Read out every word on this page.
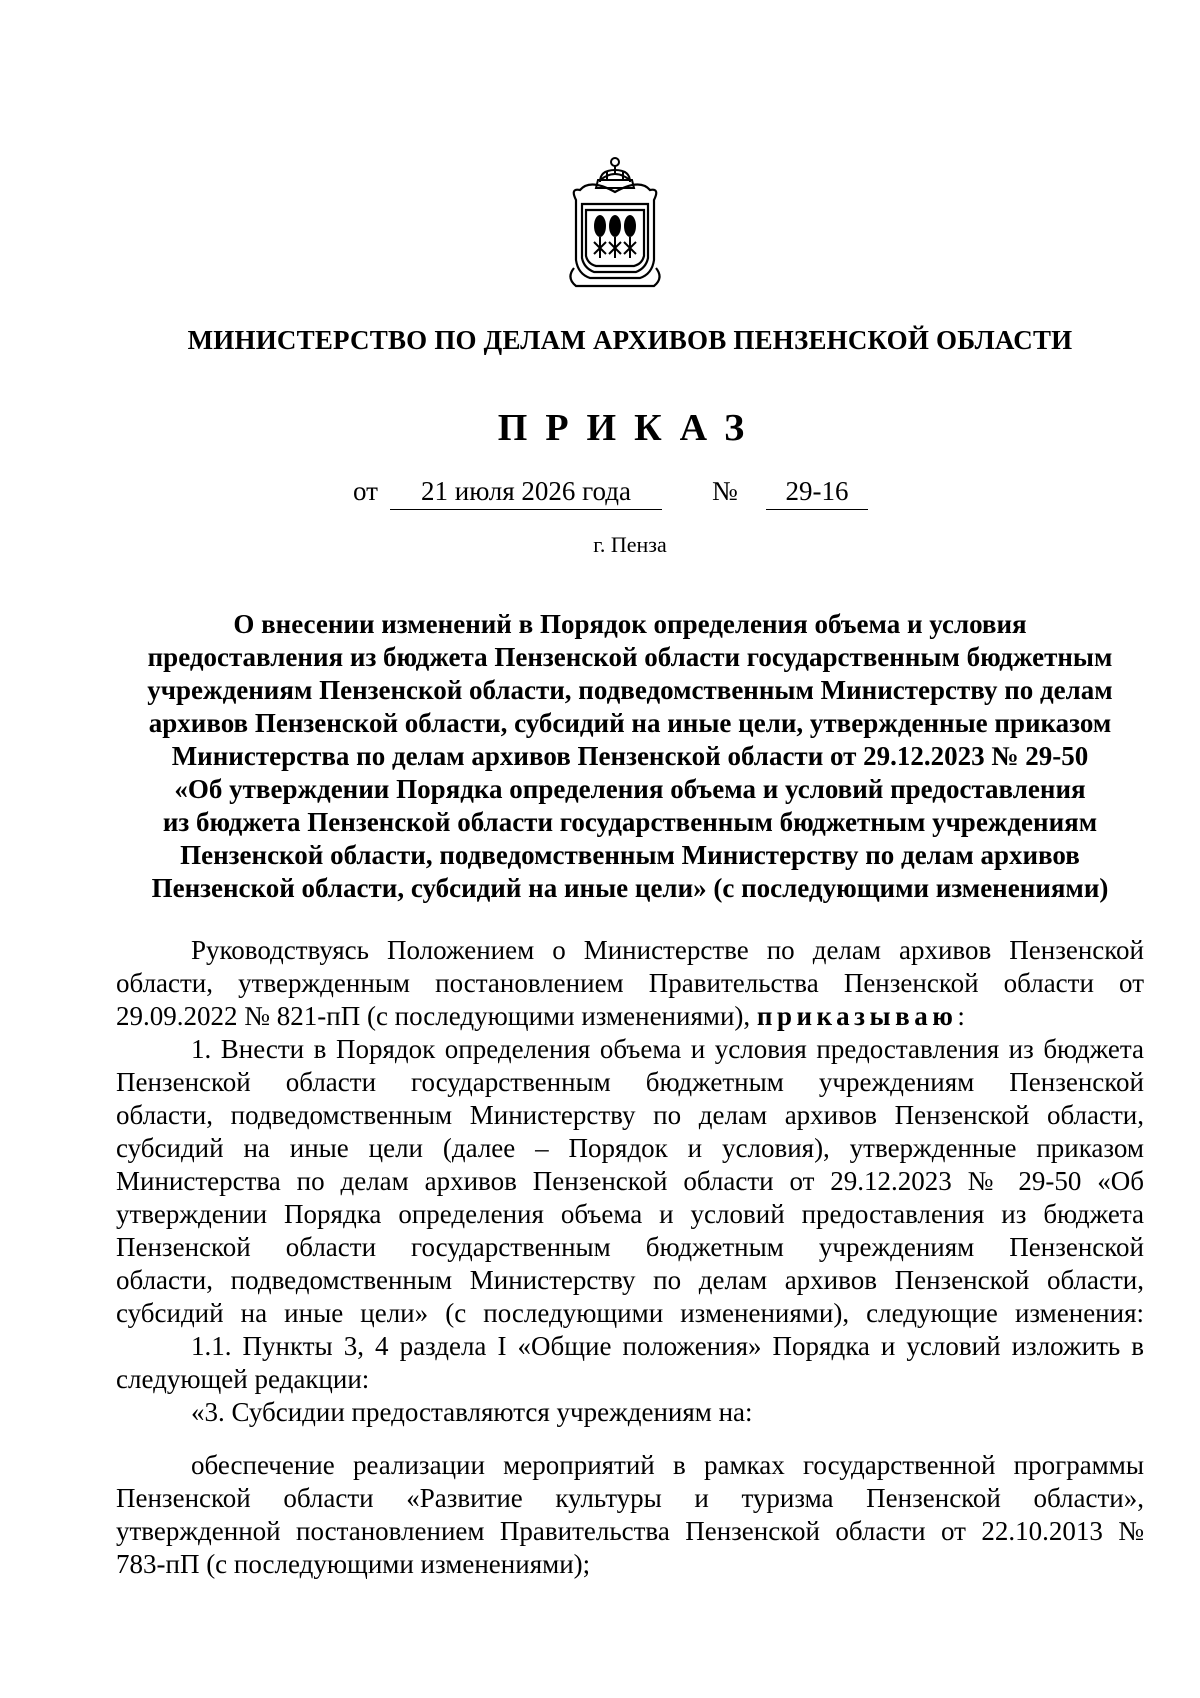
МИНИСТЕРСТВО ПО ДЕЛАМ АРХИВОВ ПЕНЗЕНСКОЙ ОБЛАСТИ
ПРИКАЗ
от	21 июля 2026 года	№	29-16
г. Пенза
О внесении изменений в Порядок определения объема и условия
предоставления из бюджета Пензенской области государственным бюджетным
учреждениям Пензенской области, подведомственным Министерству по делам
архивов Пензенской области, субсидий на иные цели, утвержденные приказом
Министерства по делам архивов Пензенской области от 29.12.2023 № 29-50
«Об утверждении Порядка определения объема и условий предоставления
из бюджета Пензенской области государственным бюджетным учреждениям
Пензенской области, подведомственным Министерству по делам архивов
Пензенской области, субсидий на иные цели» (с последующими изменениями)
Руководствуясь Положением о Министерстве по делам архивов Пензенской
области, утвержденным постановлением Правительства Пензенской области от
29.09.2022 № 821-пП (с последующими изменениями), приказываю:
1. Внести в Порядок определения объема и условия предоставления из бюджета
Пензенской области государственным бюджетным учреждениям Пензенской
области, подведомственным Министерству по делам архивов Пензенской области,
субсидий на иные цели (далее – Порядок и условия), утвержденные приказом
Министерства по делам архивов Пензенской области от 29.12.2023 № 29-50 «Об
утверждении Порядка определения объема и условий предоставления из бюджета
Пензенской области государственным бюджетным учреждениям Пензенской
области, подведомственным Министерству по делам архивов Пензенской области,
субсидий на иные цели» (с последующими изменениями), следующие изменения:
1.1. Пункты 3, 4 раздела I «Общие положения» Порядка и условий изложить в
следующей редакции:
«3. Субсидии предоставляются учреждениям на:
обеспечение реализации мероприятий в рамках государственной программы
Пензенской области «Развитие культуры и туризма Пензенской области»,
утвержденной постановлением Правительства Пензенской области от 22.10.2013 №
783-пП (с последующими изменениями);
